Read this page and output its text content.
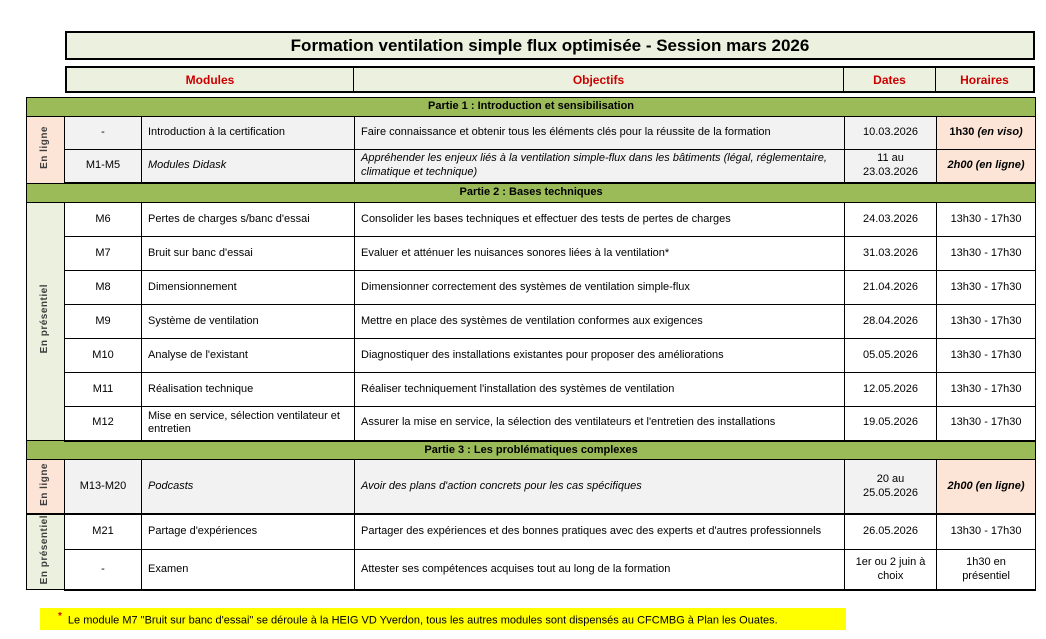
Formation ventilation simple flux optimisée - Session mars 2026
Modules	Objectifs	Dates	Horaires
Partie 1 : Introduction et sensibilisation					
En ligne	-	Introduction à la certification	Faire connaissance et obtenir tous les éléments clés pour la réussite de la formation	10.03.2026	1h30 (en viso)
	M1-M5	Modules Didask	Appréhender les enjeux liés à la ventilation simple-flux dans les bâtiments (légal, réglementaire, climatique et technique)	11 au 23.03.2026	2h00 (en ligne)
Partie 2 : Bases techniques					
En présentiel	M6	Pertes de charges s/banc d'essai	Consolider les bases techniques et effectuer des tests de pertes de charges	24.03.2026	13h30 - 17h30
	M7	Bruit sur banc d'essai	Evaluer et atténuer les nuisances sonores liées à la ventilation*	31.03.2026	13h30 - 17h30
	M8	Dimensionnement	Dimensionner correctement des systèmes de ventilation simple-flux	21.04.2026	13h30 - 17h30
	M9	Système de ventilation	Mettre en place des systèmes de ventilation conformes aux exigences	28.04.2026	13h30 - 17h30
	M10	Analyse de l'existant	Diagnostiquer des installations existantes pour proposer des améliorations	05.05.2026	13h30 - 17h30
	M11	Réalisation technique	Réaliser techniquement l'installation des systèmes de ventilation	12.05.2026	13h30 - 17h30
	M12	Mise en service, sélection ventilateur et entretien	Assurer la mise en service, la sélection des ventilateurs et l'entretien des installations	19.05.2026	13h30 - 17h30
Partie 3 : Les problématiques complexes					
En ligne	M13-M20	Podcasts	Avoir des plans d'action concrets pour les cas spécifiques	20 au 25.05.2026	2h00 (en ligne)
En présentiel	M21	Partage d'expériences	Partager des expériences et des bonnes pratiques avec des experts et d'autres professionnels	26.05.2026	13h30 - 17h30
	-	Examen	Attester ses compétences acquises tout au long de la formation	1er ou 2 juin à choix	1h30 en présentiel
* Le module M7 "Bruit sur banc d'essai" se déroule à la HEIG VD Yverdon, tous les autres modules sont dispensés au CFCMBG à Plan les Ouates.
